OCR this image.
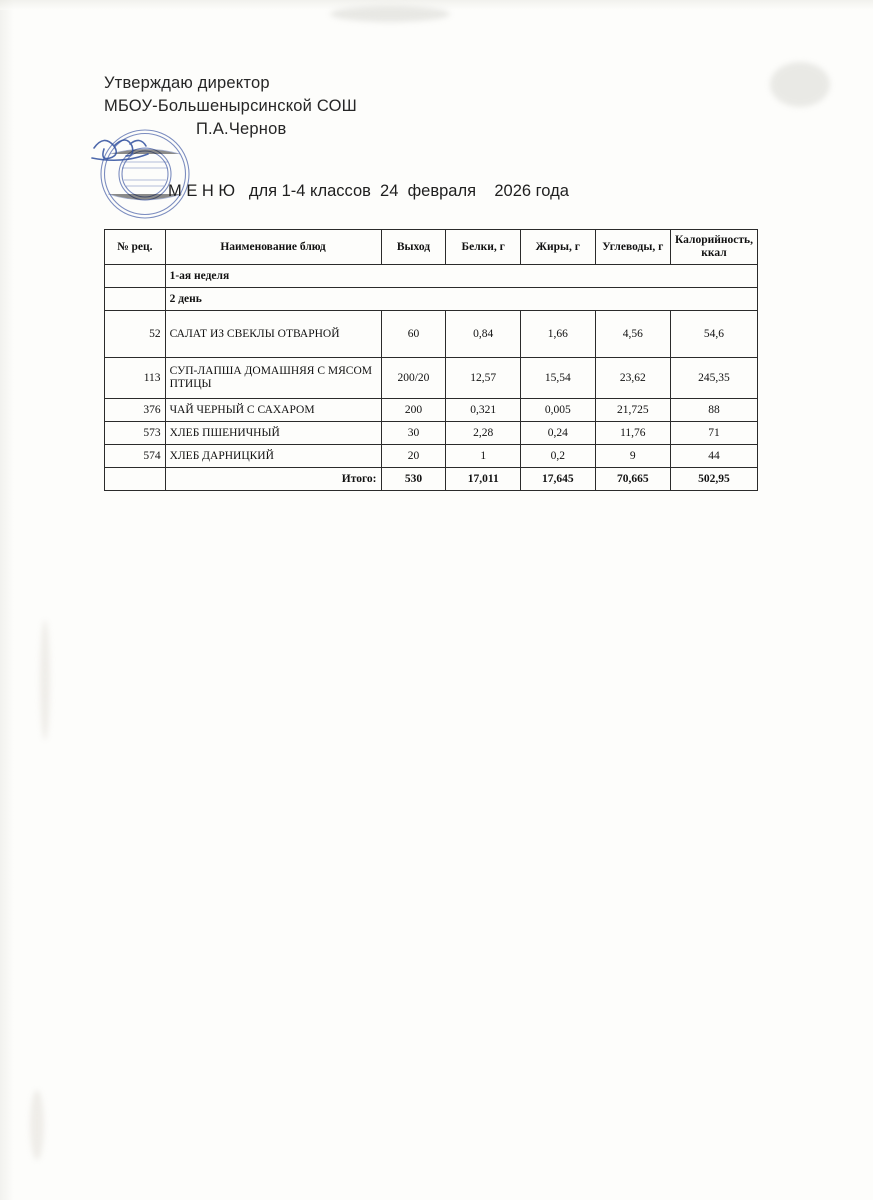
Утверждаю директор
МБОУ-Большенырсинской СОШ
П.А.Чернов
М Е Н Ю   для 1-4 классов  24  февраля    2026 года
№ рец.	Наименование блюд	Выход	Белки, г	Жиры, г	Углеводы, г	Калорийность, ккал
	1-ая неделя					
	2 день					
52	САЛАТ ИЗ СВЕКЛЫ ОТВАРНОЙ	60	0,84	1,66	4,56	54,6
113	СУП-ЛАПША ДОМАШНЯЯ С МЯСОМ ПТИЦЫ	200/20	12,57	15,54	23,62	245,35
376	ЧАЙ ЧЕРНЫЙ С САХАРОМ	200	0,321	0,005	21,725	88
573	ХЛЕБ ПШЕНИЧНЫЙ	30	2,28	0,24	11,76	71
574	ХЛЕБ ДАРНИЦКИЙ	20	1	0,2	9	44
	Итого:	530	17,011	17,645	70,665	502,95
